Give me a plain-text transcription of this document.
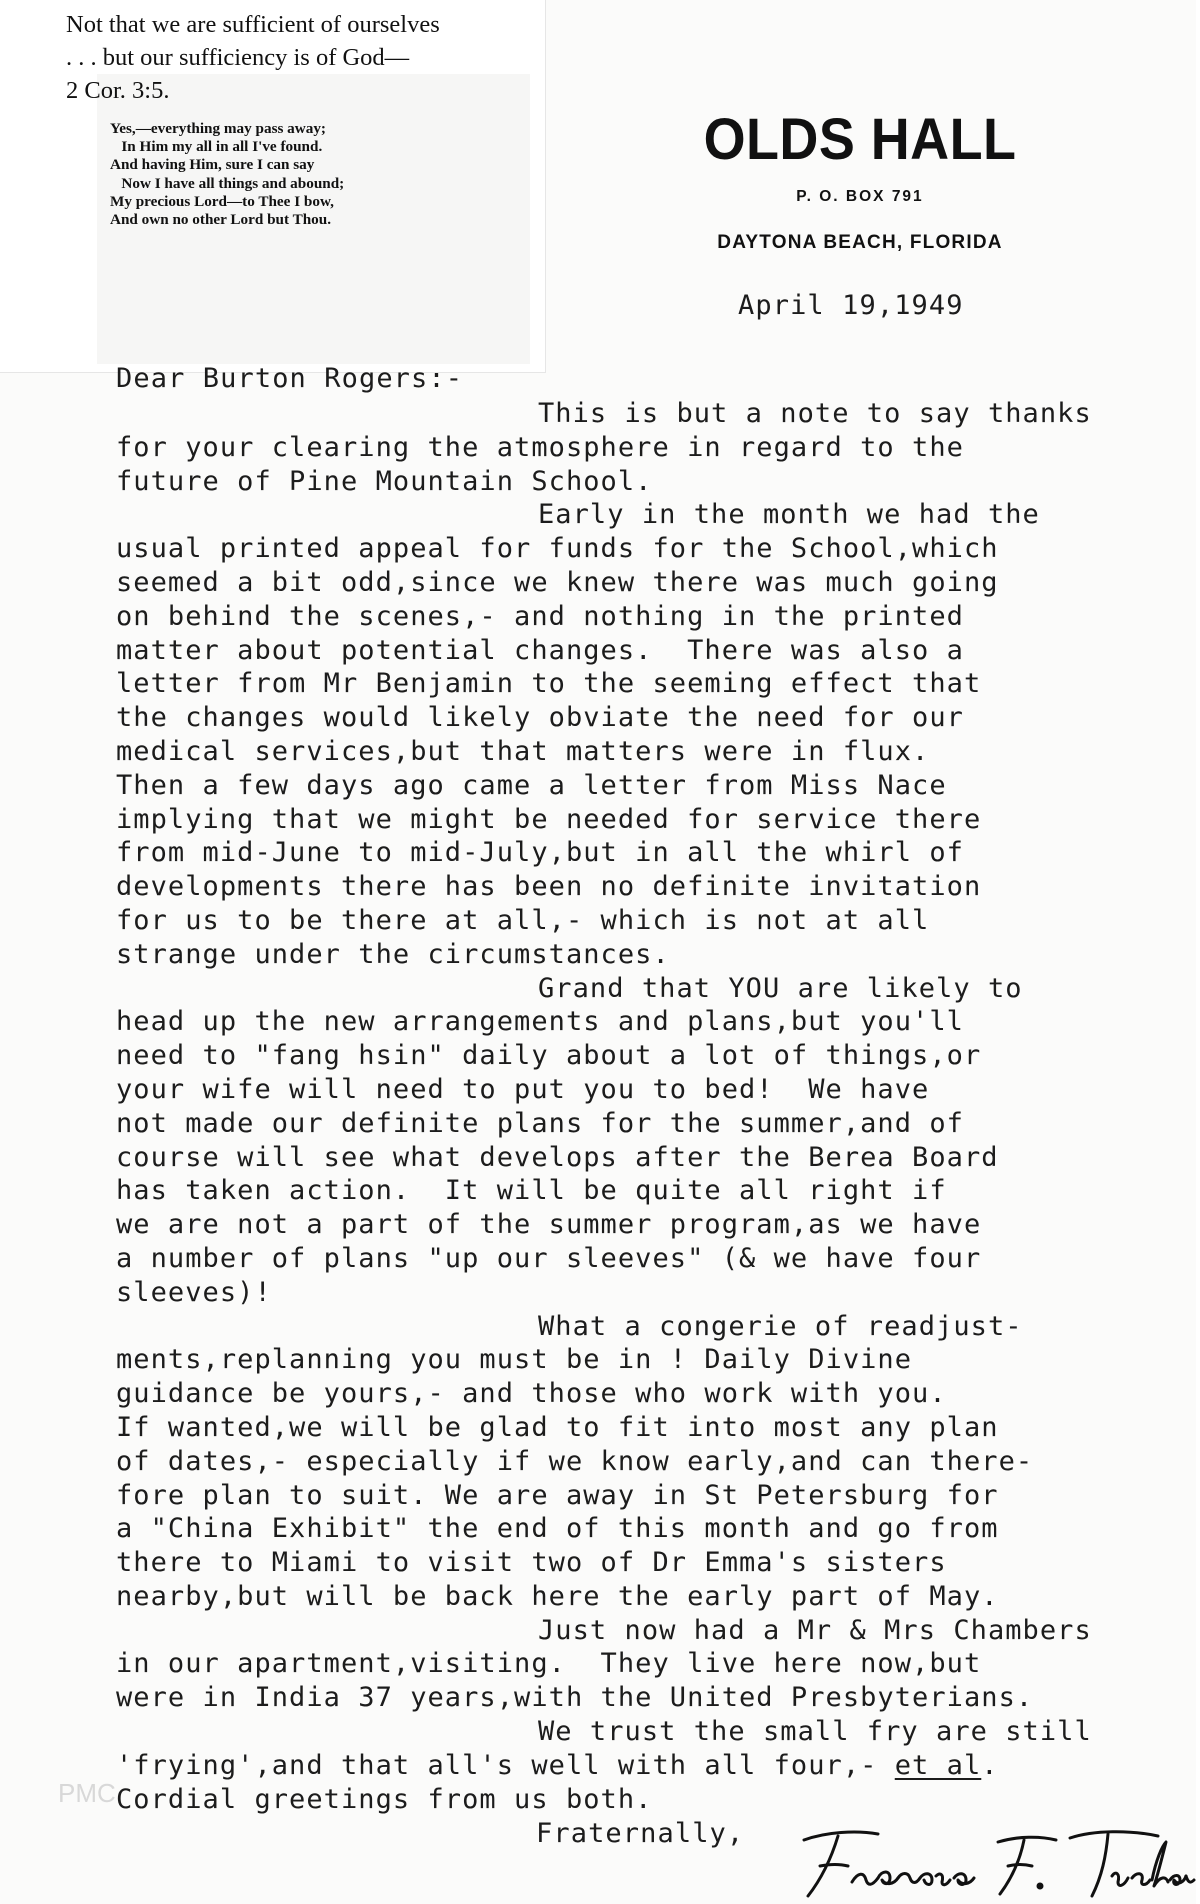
Not that we are sufficient of ourselves
. . . but our sufficiency is of God—
2 Cor. 3:5.
Yes,—everything may pass away;
In Him my all in all I've found.
And having Him, sure I can say
Now I have all things and abound;
My precious Lord—to Thee I bow,
And own no other Lord but Thou.
OLDS HALL
P. O. BOX 791
DAYTONA BEACH, FLORIDA
April 19,1949
Dear Burton Rogers:-
This is but a note to say thanks
for your clearing the atmosphere in regard to the
future of Pine Mountain School.
Early in the month we had the
usual printed appeal for funds for the School,which
seemed a bit odd,since we knew there was much going
on behind the scenes,- and nothing in the printed
matter about potential changes.  There was also a
letter from Mr Benjamin to the seeming effect that
the changes would likely obviate the need for our
medical services,but that matters were in flux.
Then a few days ago came a letter from Miss Nace
implying that we might be needed for service there
from mid-June to mid-July,but in all the whirl of
developments there has been no definite invitation
for us to be there at all,- which is not at all
strange under the circumstances.
Grand that YOU are likely to
head up the new arrangements and plans,but you'll
need to "fang hsin" daily about a lot of things,or
your wife will need to put you to bed!  We have
not made our definite plans for the summer,and of
course will see what develops after the Berea Board
has taken action.  It will be quite all right if
we are not a part of the summer program,as we have
a number of plans "up our sleeves" (& we have four
sleeves)!
What a congerie of readjust-
ments,replanning you must be in ! Daily Divine
guidance be yours,- and those who work with you.
If wanted,we will be glad to fit into most any plan
of dates,- especially if we know early,and can there-
fore plan to suit. We are away in St Petersburg for
a "China Exhibit" the end of this month and go from
there to Miami to visit two of Dr Emma's sisters
nearby,but will be back here the early part of May.
Just now had a Mr & Mrs Chambers
in our apartment,visiting.  They live here now,but
were in India 37 years,with the United Presbyterians.
We trust the small fry are still
'frying',and that all's well with all four,- et al.
Cordial greetings from us both.
Fraternally,
PMC
